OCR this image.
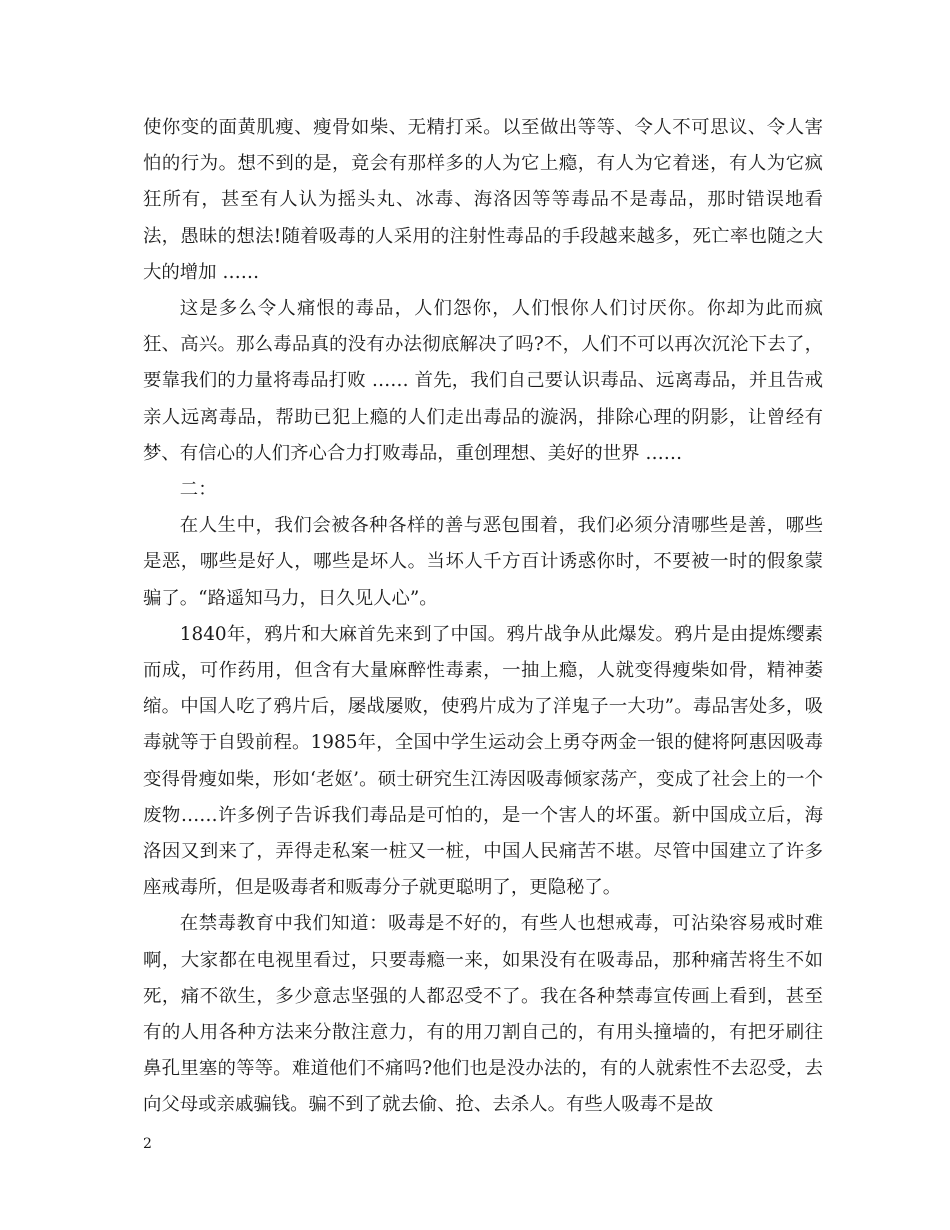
使你变的面黄肌瘦、瘦骨如柴、无精打采。以至做出等等、令人不可思议、令人害怕的行为。想不到的是，竟会有那样多的人为它上瘾，有人为它着迷，有人为它疯狂所有，甚至有人认为摇头丸、冰毒、海洛因等等毒品不是毒品，那时错误地看法，愚昧的想法!随着吸毒的人采用的注射性毒品的手段越来越多，死亡率也随之大大的增加 ……

这是多么令人痛恨的毒品，人们怨你，人们恨你人们讨厌你。你却为此而疯狂、高兴。那么毒品真的没有办法彻底解决了吗?不，人们不可以再次沉沦下去了，要靠我们的力量将毒品打败 …… 首先，我们自己要认识毒品、远离毒品，并且告戒亲人远离毒品，帮助已犯上瘾的人们走出毒品的漩涡，排除心理的阴影，让曾经有梦、有信心的人们齐心合力打败毒品，重创理想、美好的世界 ……

二：

在人生中，我们会被各种各样的善与恶包围着，我们必须分清哪些是善，哪些是恶，哪些是好人，哪些是坏人。当坏人千方百计诱惑你时，不要被一时的假象蒙骗了。“路遥知马力，日久见人心”。

1840年，鸦片和大麻首先来到了中国。鸦片战争从此爆发。鸦片是由提炼缨素而成，可作药用，但含有大量麻醉性毒素，一抽上瘾，人就变得瘦柴如骨，精神萎缩。中国人吃了鸦片后，屡战屡败，使鸦片成为了洋鬼子一大功”。毒品害处多，吸毒就等于自毁前程。1985年，全国中学生运动会上勇夺两金一银的健将阿惠因吸毒变得骨瘦如柴，形如‘老妪’。硕士研究生江涛因吸毒倾家荡产，变成了社会上的一个废物……许多例子告诉我们毒品是可怕的，是一个害人的坏蛋。新中国成立后，海洛因又到来了，弄得走私案一桩又一桩，中国人民痛苦不堪。尽管中国建立了许多座戒毒所，但是吸毒者和贩毒分子就更聪明了，更隐秘了。

在禁毒教育中我们知道：吸毒是不好的，有些人也想戒毒，可沾染容易戒时难啊，大家都在电视里看过，只要毒瘾一来，如果没有在吸毒品，那种痛苦将生不如死，痛不欲生，多少意志坚强的人都忍受不了。我在各种禁毒宣传画上看到，甚至有的人用各种方法来分散注意力，有的用刀割自己的，有用头撞墙的，有把牙刷往鼻孔里塞的等等。难道他们不痛吗?他们也是没办法的，有的人就索性不去忍受，去向父母或亲戚骗钱。骗不到了就去偷、抢、去杀人。有些人吸毒不是故

2
